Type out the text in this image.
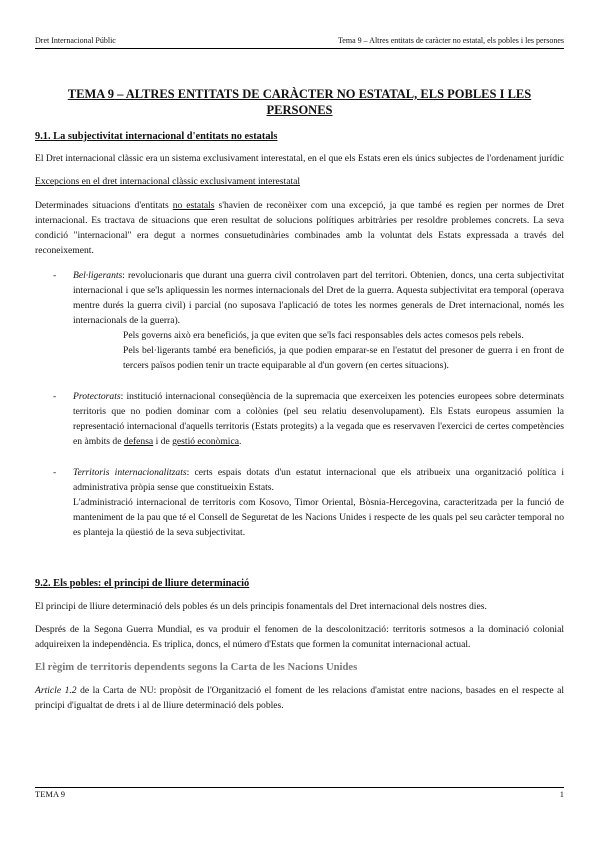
Dret Internacional Públic	Tema 9 – Altres entitats de caràcter no estatal, els pobles i les persones
TEMA 9 – ALTRES ENTITATS DE CARÀCTER NO ESTATAL, ELS POBLES I LES PERSONES
9.1. La subjectivitat internacional d'entitats no estatals

El Dret internacional clàssic era un sistema exclusivament interestatal, en el que els Estats eren els únics subjectes de l'ordenament jurídic

Excepcions en el dret internacional clàssic exclusivament interestatal

Determinades situacions d'entitats no estatals s'havien de reconèixer com una excepció, ja que també es regien per normes de Dret internacional. Es tractava de situacions que eren resultat de solucions polítiques arbitràries per resoldre problemes concrets. La seva condició "internacional" era degut a normes consuetudinàries combinades amb la voluntat dels Estats expressada a través del reconeixement.

- Bel·ligerants: revolucionaris que durant una guerra civil controlaven part del territori. Obtenien, doncs, una certa subjectivitat internacional i que se'ls apliquessin les normes internacionals del Dret de la guerra. Aquesta subjectivitat era temporal (operava mentre durés la guerra civil) i parcial (no suposava l'aplicació de totes les normes generals de Dret internacional, només les internacionals de la guerra).
Pels governs això era beneficiós, ja que eviten que se'ls faci responsables dels actes comesos pels rebels.
Pels bel·ligerants també era beneficiós, ja que podien emparar-se en l'estatut del presoner de guerra i en front de tercers països podien tenir un tracte equiparable al d'un govern (en certes situacions).
- Protectorats: institució internacional conseqüència de la supremacia que exerceixen les potencies europees sobre determinats territoris que no podien dominar com a colònies (pel seu relatiu desenvolupament). Els Estats europeus assumien la representació internacional d'aquells territoris (Estats protegits) a la vegada que es reservaven l'exercici de certes competències en àmbits de defensa i de gestió econòmica.
- Territoris internacionalitzats: certs espais dotats d'un estatut internacional que els atribueix una organització política i administrativa pròpia sense que constitueixin Estats.
L'administració internacional de territoris com Kosovo, Timor Oriental, Bòsnia-Hercegovina, caracteritzada per la funció de manteniment de la pau que té el Consell de Seguretat de les Nacions Unides i respecte de les quals pel seu caràcter temporal no es planteja la qüestió de la seva subjectivitat.
9.2. Els pobles: el principi de lliure determinació

El principi de lliure determinació dels pobles és un dels principis fonamentals del Dret internacional dels nostres dies.

Després de la Segona Guerra Mundial, es va produir el fenomen de la descolonització: territoris sotmesos a la dominació colonial adquireixen la independència. Es triplica, doncs, el número d'Estats que formen la comunitat internacional actual.

El règim de territoris dependents segons la Carta de les Nacions Unides

Article 1.2 de la Carta de NU: propòsit de l'Organització el foment de les relacions d'amistat entre nacions, basades en el respecte al principi d'igualtat de drets i al de lliure determinació dels pobles.

TEMA 9	1
